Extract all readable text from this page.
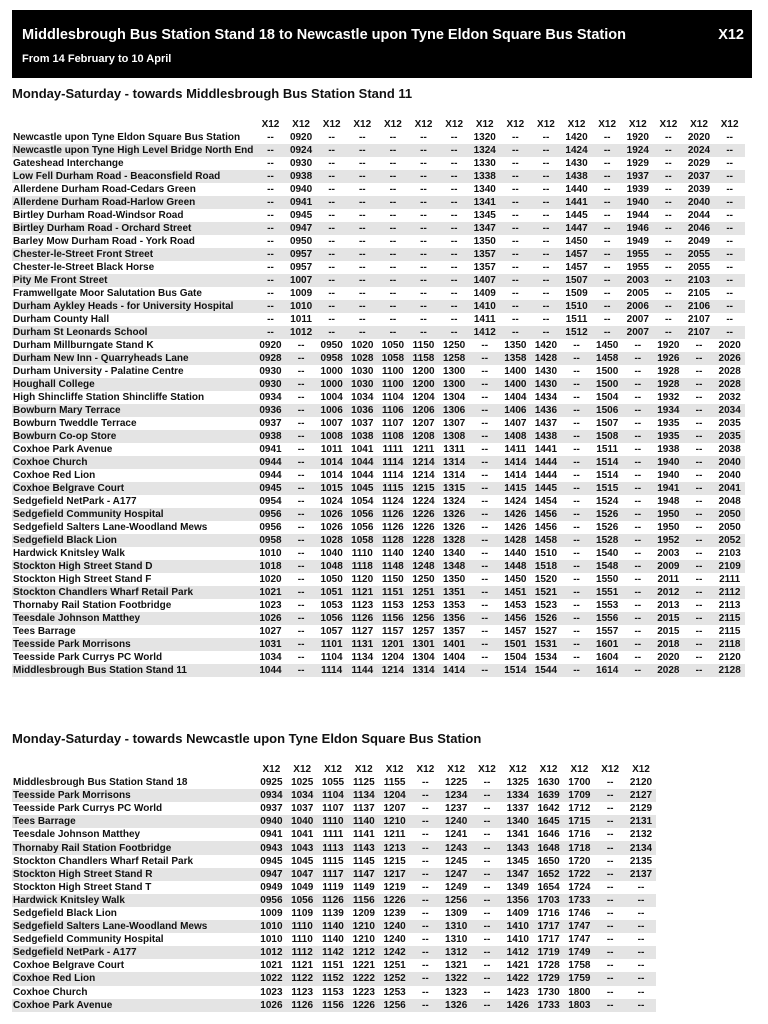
Middlesbrough Bus Station Stand 18 to Newcastle upon Tyne Eldon Square Bus Station	X12
From 14 February to 10 April
Monday-Saturday - towards Middlesbrough Bus Station Stand 11
	X12	X12	X12	X12	X12	X12	X12	X12	X12	X12	X12	X12	X12	X12	X12	X12
Newcastle upon Tyne Eldon Square Bus Station	--	0920	--	--	--	--	--	1320	--	--	1420	--	1920	--	2020	--
Newcastle upon Tyne High Level Bridge North End	--	0924	--	--	--	--	--	1324	--	--	1424	--	1924	--	2024	--
Gateshead Interchange	--	0930	--	--	--	--	--	1330	--	--	1430	--	1929	--	2029	--
Low Fell Durham Road - Beaconsfield Road	--	0938	--	--	--	--	--	1338	--	--	1438	--	1937	--	2037	--
Allerdene Durham Road-Cedars Green	--	0940	--	--	--	--	--	1340	--	--	1440	--	1939	--	2039	--
Allerdene Durham Road-Harlow Green	--	0941	--	--	--	--	--	1341	--	--	1441	--	1940	--	2040	--
Birtley Durham Road-Windsor Road	--	0945	--	--	--	--	--	1345	--	--	1445	--	1944	--	2044	--
Birtley Durham Road - Orchard Street	--	0947	--	--	--	--	--	1347	--	--	1447	--	1946	--	2046	--
Barley Mow Durham Road - York Road	--	0950	--	--	--	--	--	1350	--	--	1450	--	1949	--	2049	--
Chester-le-Street Front Street	--	0957	--	--	--	--	--	1357	--	--	1457	--	1955	--	2055	--
Chester-le-Street Black Horse	--	0957	--	--	--	--	--	1357	--	--	1457	--	1955	--	2055	--
Pity Me Front Street	--	1007	--	--	--	--	--	1407	--	--	1507	--	2003	--	2103	--
Framwellgate Moor Salutation Bus Gate	--	1009	--	--	--	--	--	1409	--	--	1509	--	2005	--	2105	--
Durham Aykley Heads - for University Hospital	--	1010	--	--	--	--	--	1410	--	--	1510	--	2006	--	2106	--
Durham County Hall	--	1011	--	--	--	--	--	1411	--	--	1511	--	2007	--	2107	--
Durham St Leonards School	--	1012	--	--	--	--	--	1412	--	--	1512	--	2007	--	2107	--
Durham Millburngate Stand K	0920	--	0950	1020	1050	1150	1250	--	1350	1420	--	1450	--	1920	--	2020
Durham New Inn - Quarryheads Lane	0928	--	0958	1028	1058	1158	1258	--	1358	1428	--	1458	--	1926	--	2026
Durham University - Palatine Centre	0930	--	1000	1030	1100	1200	1300	--	1400	1430	--	1500	--	1928	--	2028
Houghall College	0930	--	1000	1030	1100	1200	1300	--	1400	1430	--	1500	--	1928	--	2028
High Shincliffe Station Shincliffe Station	0934	--	1004	1034	1104	1204	1304	--	1404	1434	--	1504	--	1932	--	2032
Bowburn Mary Terrace	0936	--	1006	1036	1106	1206	1306	--	1406	1436	--	1506	--	1934	--	2034
Bowburn Tweddle Terrace	0937	--	1007	1037	1107	1207	1307	--	1407	1437	--	1507	--	1935	--	2035
Bowburn Co-op Store	0938	--	1008	1038	1108	1208	1308	--	1408	1438	--	1508	--	1935	--	2035
Coxhoe Park Avenue	0941	--	1011	1041	1111	1211	1311	--	1411	1441	--	1511	--	1938	--	2038
Coxhoe Church	0944	--	1014	1044	1114	1214	1314	--	1414	1444	--	1514	--	1940	--	2040
Coxhoe Red Lion	0944	--	1014	1044	1114	1214	1314	--	1414	1444	--	1514	--	1940	--	2040
Coxhoe Belgrave Court	0945	--	1015	1045	1115	1215	1315	--	1415	1445	--	1515	--	1941	--	2041
Sedgefield NetPark - A177	0954	--	1024	1054	1124	1224	1324	--	1424	1454	--	1524	--	1948	--	2048
Sedgefield Community Hospital	0956	--	1026	1056	1126	1226	1326	--	1426	1456	--	1526	--	1950	--	2050
Sedgefield Salters Lane-Woodland Mews	0956	--	1026	1056	1126	1226	1326	--	1426	1456	--	1526	--	1950	--	2050
Sedgefield Black Lion	0958	--	1028	1058	1128	1228	1328	--	1428	1458	--	1528	--	1952	--	2052
Hardwick Knitsley Walk	1010	--	1040	1110	1140	1240	1340	--	1440	1510	--	1540	--	2003	--	2103
Stockton High Street Stand D	1018	--	1048	1118	1148	1248	1348	--	1448	1518	--	1548	--	2009	--	2109
Stockton High Street Stand F	1020	--	1050	1120	1150	1250	1350	--	1450	1520	--	1550	--	2011	--	2111
Stockton Chandlers Wharf Retail Park	1021	--	1051	1121	1151	1251	1351	--	1451	1521	--	1551	--	2012	--	2112
Thornaby Rail Station Footbridge	1023	--	1053	1123	1153	1253	1353	--	1453	1523	--	1553	--	2013	--	2113
Teesdale Johnson Matthey	1026	--	1056	1126	1156	1256	1356	--	1456	1526	--	1556	--	2015	--	2115
Tees Barrage	1027	--	1057	1127	1157	1257	1357	--	1457	1527	--	1557	--	2015	--	2115
Teesside Park Morrisons	1031	--	1101	1131	1201	1301	1401	--	1501	1531	--	1601	--	2018	--	2118
Teesside Park Currys PC World	1034	--	1104	1134	1204	1304	1404	--	1504	1534	--	1604	--	2020	--	2120
Middlesbrough Bus Station Stand 11	1044	--	1114	1144	1214	1314	1414	--	1514	1544	--	1614	--	2028	--	2128
Monday-Saturday - towards Newcastle upon Tyne Eldon Square Bus Station
	X12	X12	X12	X12	X12	X12	X12	X12	X12	X12	X12	X12	X12
Middlesbrough Bus Station Stand 18	0925	1025	1055	1125	1155	--	1225	--	1325	1630	1700	--	2120
Teesside Park Morrisons	0934	1034	1104	1134	1204	--	1234	--	1334	1639	1709	--	2127
Teesside Park Currys PC World	0937	1037	1107	1137	1207	--	1237	--	1337	1642	1712	--	2129
Tees Barrage	0940	1040	1110	1140	1210	--	1240	--	1340	1645	1715	--	2131
Teesdale Johnson Matthey	0941	1041	1111	1141	1211	--	1241	--	1341	1646	1716	--	2132
Thornaby Rail Station Footbridge	0943	1043	1113	1143	1213	--	1243	--	1343	1648	1718	--	2134
Stockton Chandlers Wharf Retail Park	0945	1045	1115	1145	1215	--	1245	--	1345	1650	1720	--	2135
Stockton High Street Stand R	0947	1047	1117	1147	1217	--	1247	--	1347	1652	1722	--	2137
Stockton High Street Stand T	0949	1049	1119	1149	1219	--	1249	--	1349	1654	1724	--	--
Hardwick Knitsley Walk	0956	1056	1126	1156	1226	--	1256	--	1356	1703	1733	--	--
Sedgefield Black Lion	1009	1109	1139	1209	1239	--	1309	--	1409	1716	1746	--	--
Sedgefield Salters Lane-Woodland Mews	1010	1110	1140	1210	1240	--	1310	--	1410	1717	1747	--	--
Sedgefield Community Hospital	1010	1110	1140	1210	1240	--	1310	--	1410	1717	1747	--	--
Sedgefield NetPark - A177	1012	1112	1142	1212	1242	--	1312	--	1412	1719	1749	--	--
Coxhoe Belgrave Court	1021	1121	1151	1221	1251	--	1321	--	1421	1728	1758	--	--
Coxhoe Red Lion	1022	1122	1152	1222	1252	--	1322	--	1422	1729	1759	--	--
Coxhoe Church	1023	1123	1153	1223	1253	--	1323	--	1423	1730	1800	--	--
Coxhoe Park Avenue	1026	1126	1156	1226	1256	--	1326	--	1426	1733	1803	--	--
